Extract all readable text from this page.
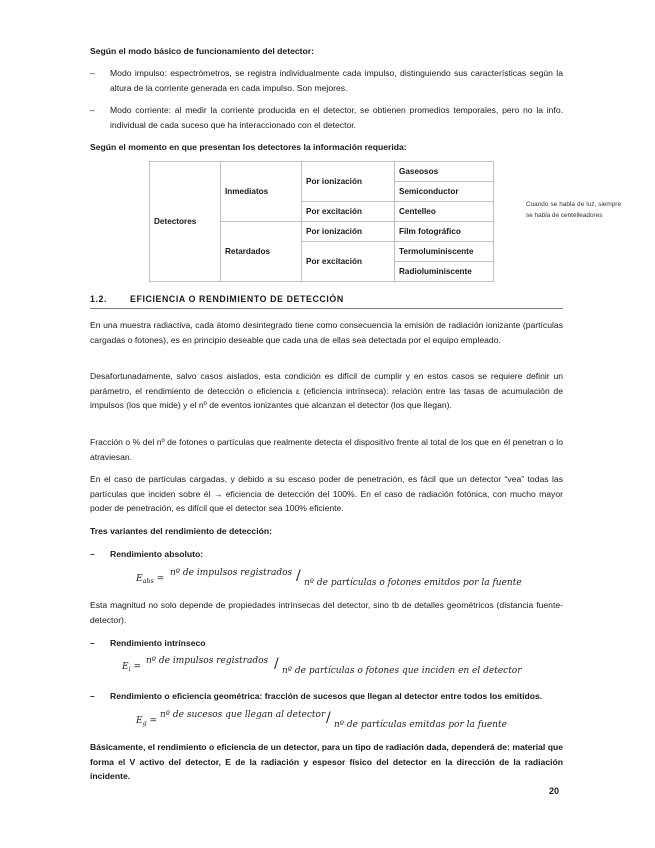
Según el modo básico de funcionamiento del detector:
–	Modo impulso: espectrómetros, se registra individualmente cada impulso, distinguiendo sus características según la altura de la corriente generada en cada impulso. Son mejores.
–	Modo corriente: al medir la corriente producida en el detector, se obtienen promedios temporales, pero no la info. individual de cada suceso que ha interaccionado con el detector.
Según el momento en que presentan los detectores la información requerida:
Detectores	Inmediatos	Por ionización	Gaseosos
			Semiconductor
		Por excitación	Centelleo
	Retardados	Por ionización	Film fotográfico
		Por excitación	Termoluminiscente
			Radioluminiscente
Cuando se habla de luz, siempre se habla de centelleadores
1.2.	EFICIENCIA O RENDIMIENTO DE DETECCIÓN
En una muestra radiactiva, cada átomo desintegrado tiene como consecuencia la emisión de radiación ionizante (partículas cargadas o fotones), es en principio deseable que cada una de ellas sea detectada por el equipo empleado.
Desafortunadamente, salvo casos aislados, esta condición es difícil de cumplir y en estos casos se requiere definir un parámetro, el rendimiento de detección o eficiencia ε (eficiencia intrínseca): relación entre las tasas de acumulación de impulsos (los que mide) y el nº de eventos ionizantes que alcanzan el detector (los que llegan).
Fracción o % del nº de fotones o partículas que realmente detecta el dispositivo frente al total de los que en él penetran o lo atraviesan.
En el caso de partículas cargadas, y debido a su escaso poder de penetración, es fácil que un detector “vea” todas las partículas que inciden sobre él → eficiencia de detección del 100%. En el caso de radiación fotónica, con mucho mayor poder de penetración, es difícil que el detector sea 100% eficiente.
Tres variantes del rendimiento de detección:
–	Rendimiento absoluto:
$E_{abs}$ =
nº de impulsos registrados / nº de partículas o fotones emitdos por la fuente
Esta magnitud no solo depende de propiedades intrínsecas del detector, sino tb de detalles geométricos (distancia fuente-detector).
–	Rendimiento intrínseco
$E_i$ =
nº de impulsos registrados / nº de partículas o fotones que inciden en el detector
–	Rendimiento o eficiencia geométrica: fracción de sucesos que llegan al detector entre todos los emitidos.
$E_g$ =
nº de sucesos que llegan al detector / nº de partículas emitdas por la fuente
Básicamente, el rendimiento o eficiencia de un detector, para un tipo de radiación dada, dependerá de: material que forma el V activo del detector, E de la radiación y espesor físico del detector en la dirección de la radiación incidente.
20
